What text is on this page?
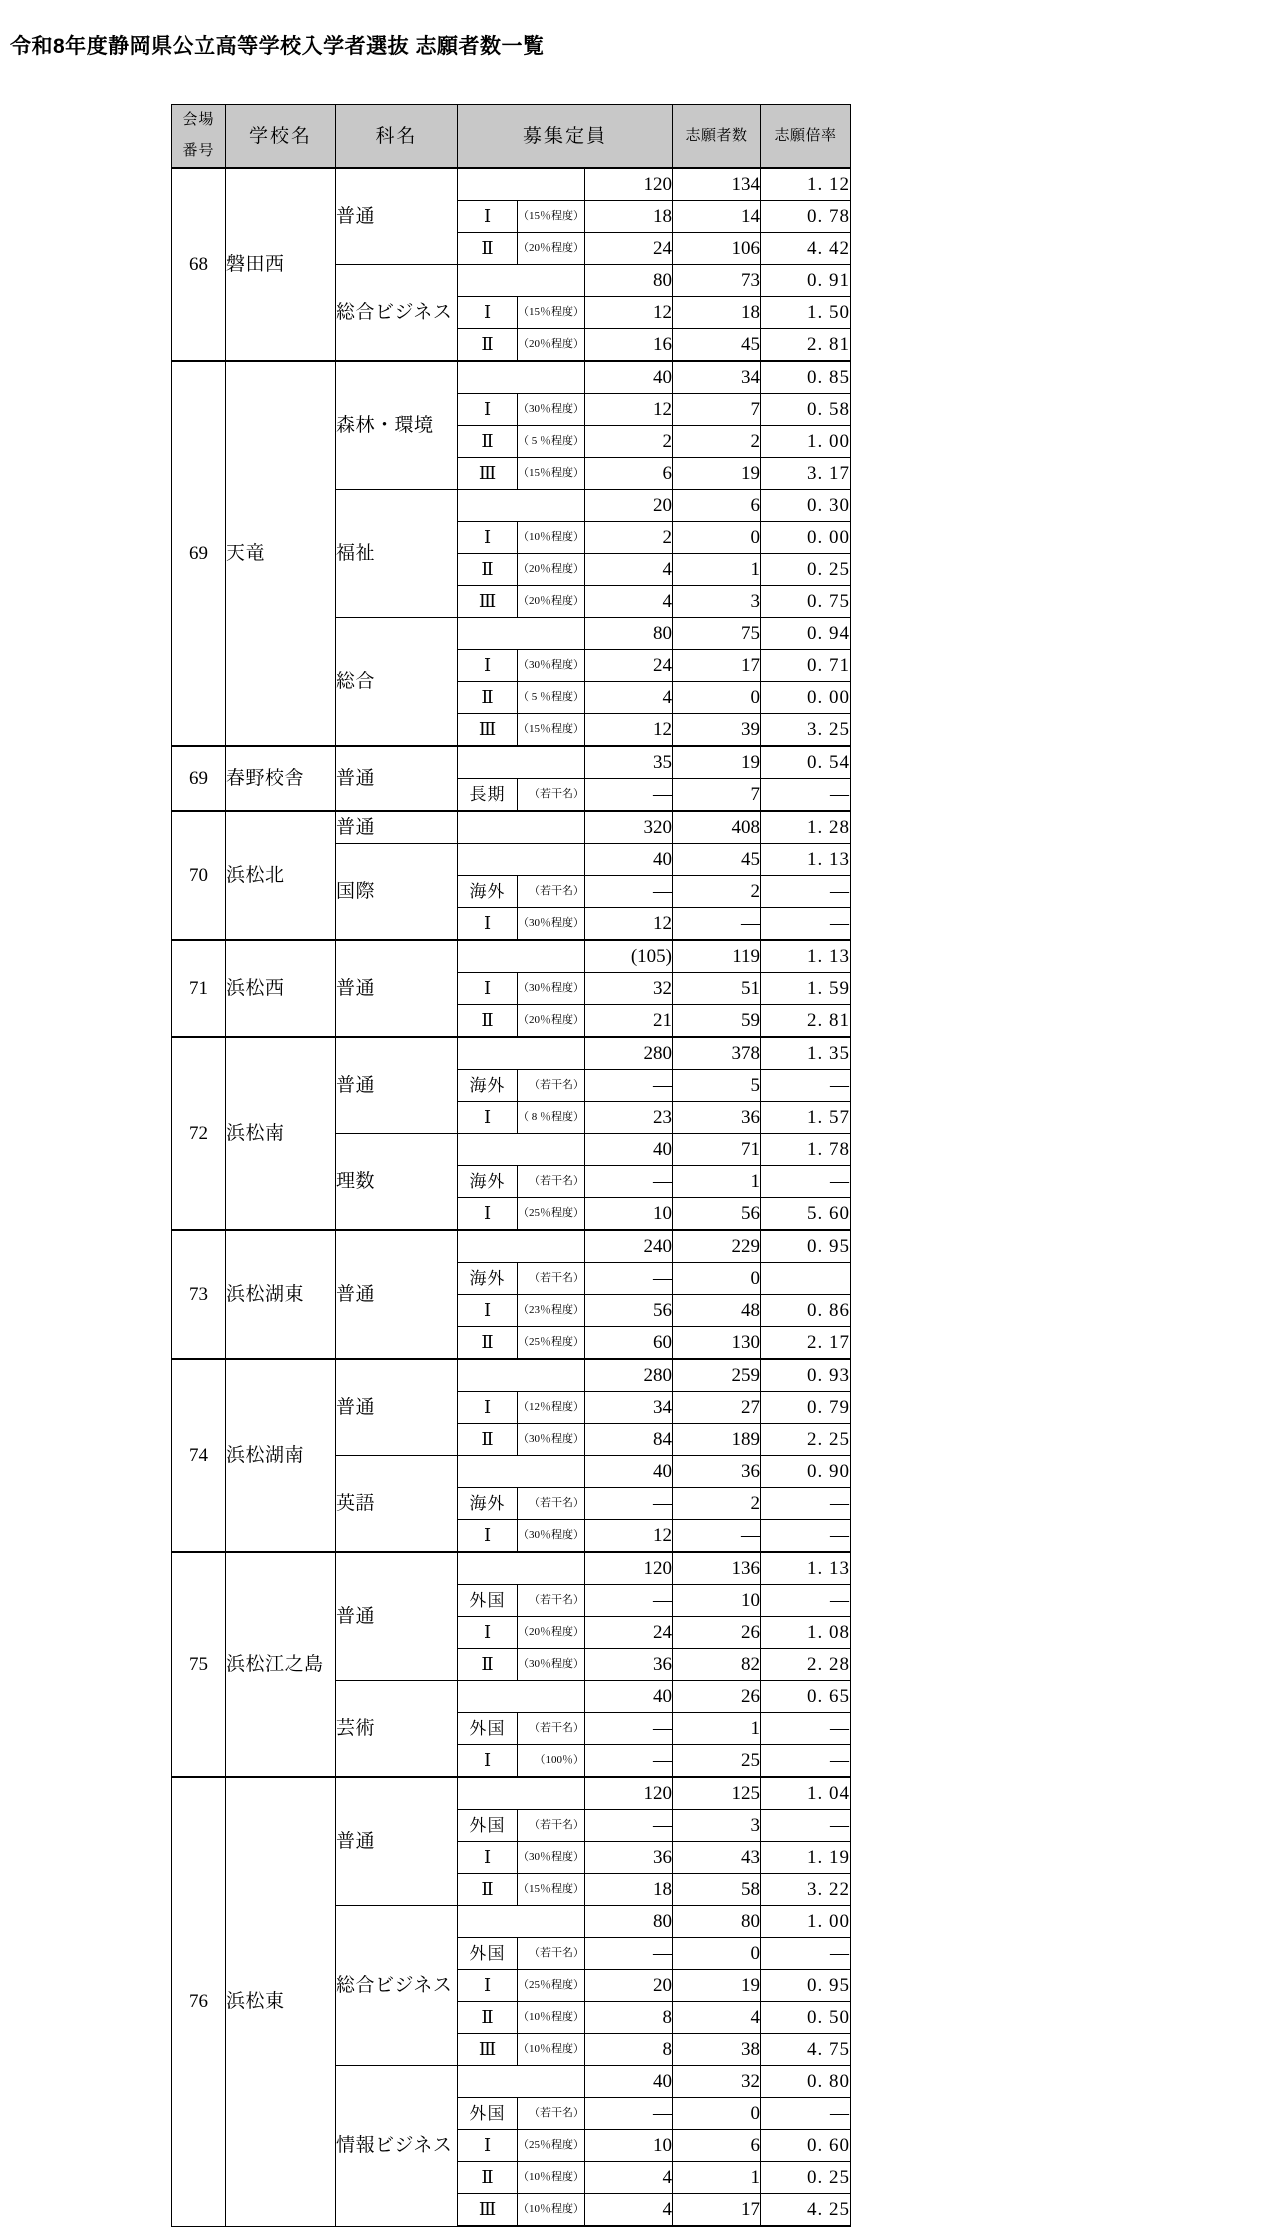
令和8年度静岡県公立高等学校入学者選抜 志願者数一覧
会場
番号	学校名	科名	募集定員			志願者数	志願倍率
68	磐田西	普通			120	134	1. 12
			Ⅰ	（15％程度）	18	14	0. 78
			Ⅱ	（20％程度）	24	106	4. 42
		総合ビジネス			80	73	0. 91
			Ⅰ	（15％程度）	12	18	1. 50
			Ⅱ	（20％程度）	16	45	2. 81
69	天竜	森林・環境			40	34	0. 85
			Ⅰ	（30％程度）	12	7	0. 58
			Ⅱ	（ 5 ％程度）	2	2	1. 00
			Ⅲ	（15％程度）	6	19	3. 17
		福祉			20	6	0. 30
			Ⅰ	（10％程度）	2	0	0. 00
			Ⅱ	（20％程度）	4	1	0. 25
			Ⅲ	（20％程度）	4	3	0. 75
		総合			80	75	0. 94
			Ⅰ	（30％程度）	24	17	0. 71
			Ⅱ	（ 5 ％程度）	4	0	0. 00
			Ⅲ	（15％程度）	12	39	3. 25
69	春野校舎	普通			35	19	0. 54
			長期	（若干名）	―	7	―
70	浜松北	普通			320	408	1. 28
		国際			40	45	1. 13
			海外	（若干名）	―	2	―
			Ⅰ	（30％程度）	12	―	―
71	浜松西	普通			(105)	119	1. 13
			Ⅰ	（30％程度）	32	51	1. 59
			Ⅱ	（20％程度）	21	59	2. 81
72	浜松南	普通			280	378	1. 35
			海外	（若干名）	―	5	―
			Ⅰ	（ 8 ％程度）	23	36	1. 57
		理数			40	71	1. 78
			海外	（若干名）	―	1	―
			Ⅰ	（25％程度）	10	56	5. 60
73	浜松湖東	普通			240	229	0. 95
			海外	（若干名）	―	0	
			Ⅰ	（23％程度）	56	48	0. 86
			Ⅱ	（25％程度）	60	130	2. 17
74	浜松湖南	普通			280	259	0. 93
			Ⅰ	（12％程度）	34	27	0. 79
			Ⅱ	（30％程度）	84	189	2. 25
		英語			40	36	0. 90
			海外	（若干名）	―	2	―
			Ⅰ	（30％程度）	12	―	―
75	浜松江之島	普通			120	136	1. 13
			外国	（若干名）	―	10	―
			Ⅰ	（20％程度）	24	26	1. 08
			Ⅱ	（30％程度）	36	82	2. 28
		芸術			40	26	0. 65
			外国	（若干名）	―	1	―
			Ⅰ	（100％）	―	25	―
76	浜松東	普通			120	125	1. 04
			外国	（若干名）	―	3	―
			Ⅰ	（30％程度）	36	43	1. 19
			Ⅱ	（15％程度）	18	58	3. 22
		総合ビジネス			80	80	1. 00
			外国	（若干名）	―	0	―
			Ⅰ	（25％程度）	20	19	0. 95
			Ⅱ	（10％程度）	8	4	0. 50
			Ⅲ	（10％程度）	8	38	4. 75
		情報ビジネス			40	32	0. 80
			外国	（若干名）	―	0	―
			Ⅰ	（25％程度）	10	6	0. 60
			Ⅱ	（10％程度）	4	1	0. 25
			Ⅲ	（10％程度）	4	17	4. 25
